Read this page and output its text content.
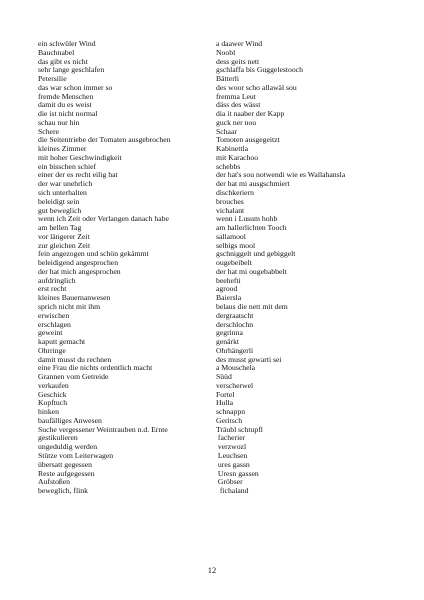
ein schwüler Wind
Bauchnabel
das gibt es nicht
sehr lange geschlafen
Petersilie
das war schon immer so
fremde Menschen
damit du es weist
die ist nicht normal
schau nur hin
Schere
die Seitentriebe der Tomaten ausgebrochen
kleines Zimmer
mit hoher Geschwindigkeit
ein bisschen schief
einer der es recht eilig hat
der war unehrlich
sich unterhalten
beleidigt sein
gut beweglich
wenn ich Zeit oder Verlangen danach habe
am hellen Tag
vor längerer Zeit
zur gleichen Zeit
fein angezogen und schön gekämmt
beleidigend angesprochen
der hat mich angesprochen
aufdringlich
erst recht
kleines Bauernanwesen
sprich nicht mit ihm
erwischen
erschlagen
geweint
kaputt gemacht
Ohrringe
damit musst du rechnen
eine Frau die nichts ordentlich macht
Grannen vom Getreide
verkaufen
Geschick
Kopftuch
hinken
baufälliges Anwesen
Suche vergessener Weintrauben n.d. Ernte
gestikulieren
ungeduldig werden
Stütze vom Leiterwagen
übersatt gegessen
Reste aufgegessen
Aufstoßen
beweglich, flink
a daawer Wind
Noobl
dess geits nett
gschlaffa bis Guggelestooch
Bätterli
des woor scho allawäl sou
fremma Leut
däss des wässt
dia it naaber der Kapp
guck ner nou
Schaar
Tomoten ausgegeitzt
Kabinettla
mit Karachoo
schebbs
der hat's sou notwendi wie es Wallahansla
der hat mi ausgschmiert
dischkeriern
brouches
vichalant
wenn i Lusum hohb
am hallerlichten Tooch
sallamool
selbigs mool
gschniggelt und gebiggelt
ougebeibelt
der hat mi ougebabbelt
beehefti
agrood
Baiersla
belaus die nett mit dem
dergraatscht
derschlochn
gegrinna
genärkt
Ohrhängerli
des musst gewarti sei
a Mouschela
Süüd
verscherwel
Fortel
Hulla
schnappn
Geritsch
Träubl schtupfl
facherier
verzwozl
Leuchsen
ures gassn
Uresn gassen
Gröbser
fichaland
12
